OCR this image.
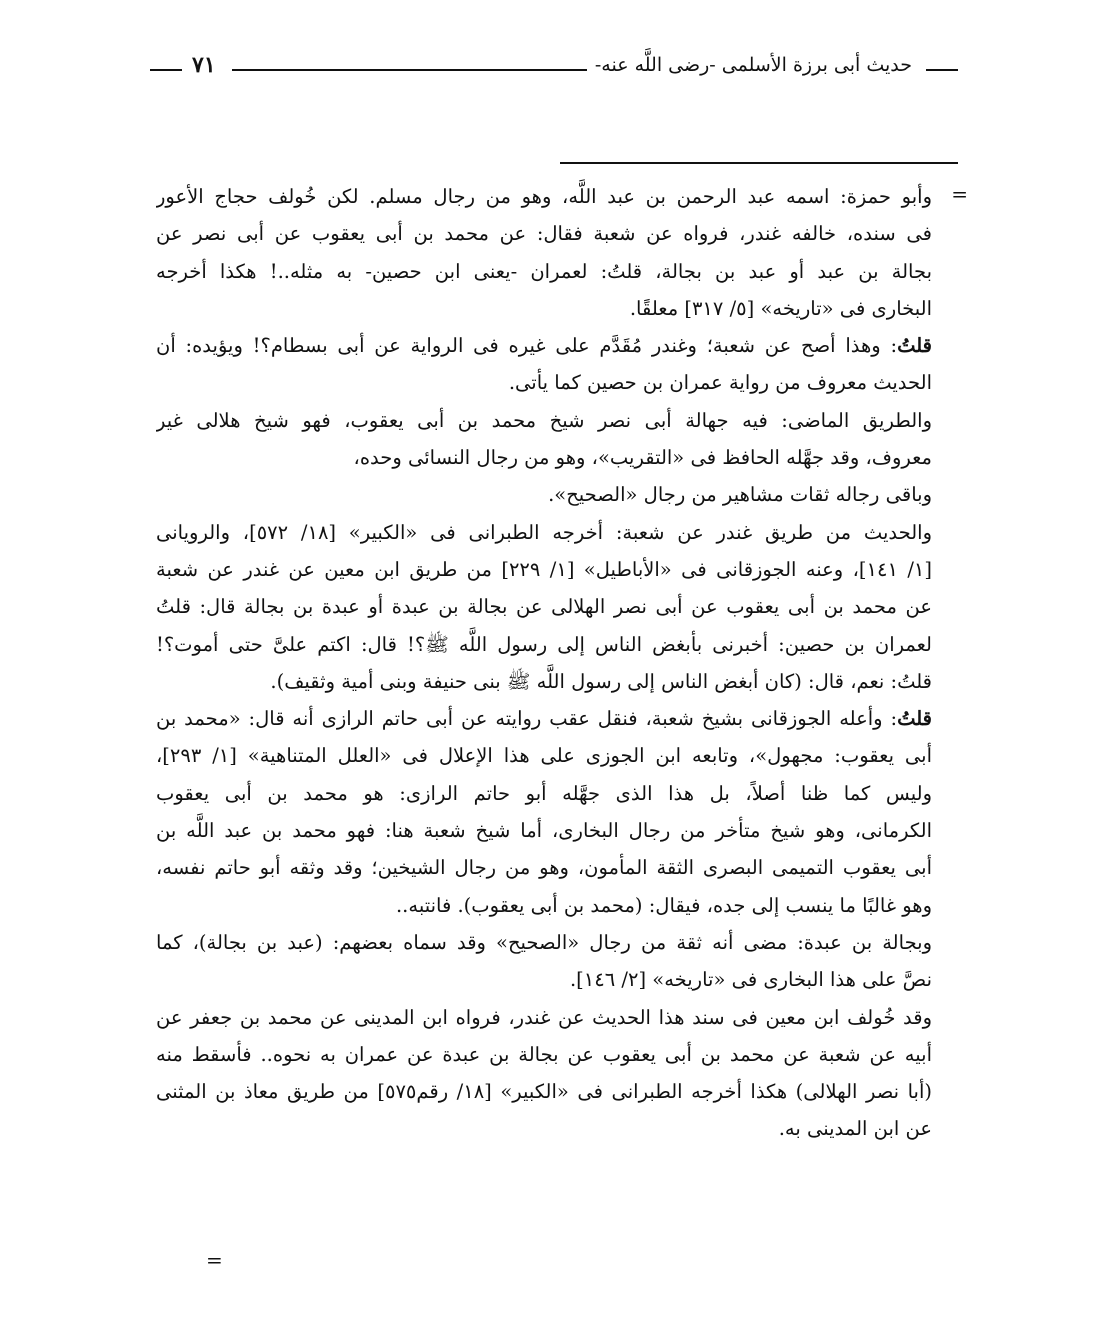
حديث أبى برزة الأسلمى -رضى اللَّه عنه-
٧١
=
وأبو حمزة: اسمه عبد الرحمن بن عبد اللَّه، وهو من رجال مسلم. لكن خُولف حجاج الأعور
فى سنده، خالفه غندر، فرواه عن شعبة فقال: عن محمد بن أبى يعقوب عن أبى نصر عن
بجالة بن عبد أو عبد بن بجالة، قلتُ: لعمران -يعنى ابن حصين- به مثله..! هكذا أخرجه
البخارى فى «تاريخه» [٥/ ٣١٧] معلقًا.
قلتُ: وهذا أصح عن شعبة؛ وغندر مُقَدَّم على غيره فى الرواية عن أبى بسطام؟! ويؤيده: أن
الحديث معروف من رواية عمران بن حصين كما يأتى.
والطريق الماضى: فيه جهالة أبى نصر شيخ محمد بن أبى يعقوب، فهو شيخ هلالى غير
معروف، وقد جهَّله الحافظ فى «التقريب»، وهو من رجال النسائى وحده،
وباقى رجاله ثقات مشاهير من رجال «الصحيح».
والحديث من طريق غندر عن شعبة: أخرجه الطبرانى فى «الكبير» [١٨/ ٥٧٢]، والرويانى
[١/ ١٤١]، وعنه الجوزقانى فى «الأباطيل» [١/ ٢٢٩] من طريق ابن معين عن غندر عن شعبة
عن محمد بن أبى يعقوب عن أبى نصر الهلالى عن بجالة بن عبدة أو عبدة بن بجالة قال: قلتُ
لعمران بن حصين: أخبرنى بأبغض الناس إلى رسول اللَّه ﷺ؟! قال: اكتم علىَّ حتى أموت؟!
قلتُ: نعم، قال: (كان أبغض الناس إلى رسول اللَّه ﷺ بنى حنيفة وبنى أمية وثقيف).
قلتُ: وأعله الجوزقانى بشيخ شعبة، فنقل عقب روايته عن أبى حاتم الرازى أنه قال: «محمد بن
أبى يعقوب: مجهول»، وتابعه ابن الجوزى على هذا الإعلال فى «العلل المتناهية» [١/ ٢٩٣]،
وليس كما ظنا أصلاً، بل هذا الذى جهَّله أبو حاتم الرازى: هو محمد بن أبى يعقوب
الكرمانى، وهو شيخ متأخر من رجال البخارى، أما شيخ شعبة هنا: فهو محمد بن عبد اللَّه بن
أبى يعقوب التميمى البصرى الثقة المأمون، وهو من رجال الشيخين؛ وقد وثقه أبو حاتم نفسه،
وهو غالبًا ما ينسب إلى جده، فيقال: (محمد بن أبى يعقوب). فانتبه..
وبجالة بن عبدة: مضى أنه ثقة من رجال «الصحيح» وقد سماه بعضهم: (عبد بن بجالة)، كما
نصَّ على هذا البخارى فى «تاريخه» [٢/ ١٤٦].
وقد خُولف ابن معين فى سند هذا الحديث عن غندر، فرواه ابن المدينى عن محمد بن جعفر عن
أبيه عن شعبة عن محمد بن أبى يعقوب عن بجالة بن عبدة عن عمران به نحوه.. فأسقط منه
(أبا نصر الهلالى) هكذا أخرجه الطبرانى فى «الكبير» [١٨/ رقم٥٧٥] من طريق معاذ بن المثنى
عن ابن المدينى به.
=
